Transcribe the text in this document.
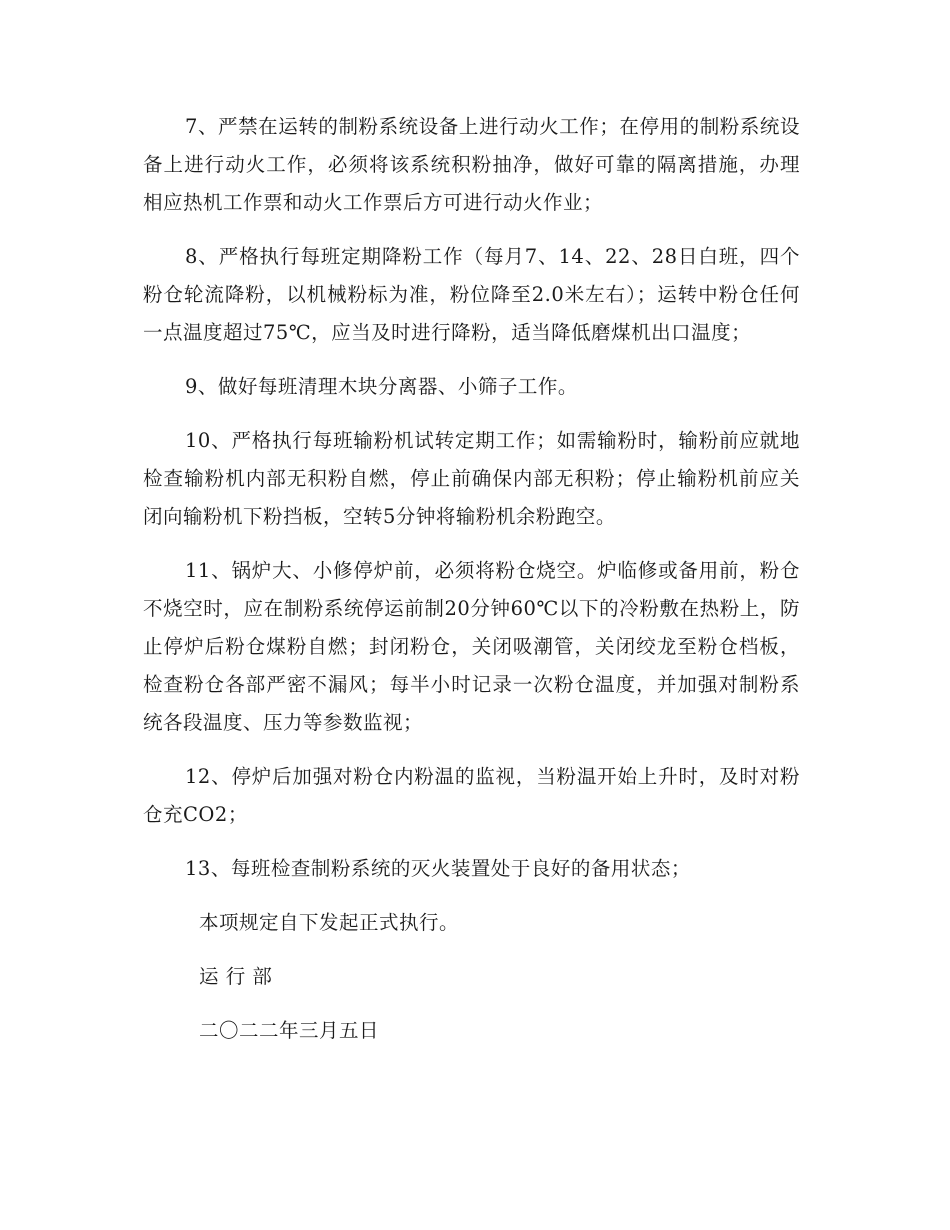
7、严禁在运转的制粉系统设备上进行动火工作；在停用的制粉系统设备上进行动火工作，必须将该系统积粉抽净，做好可靠的隔离措施，办理相应热机工作票和动火工作票后方可进行动火作业；

8、严格执行每班定期降粉工作（每月7、14、22、28日白班，四个粉仓轮流降粉，以机械粉标为准，粉位降至2.0米左右）；运转中粉仓任何一点温度超过75℃，应当及时进行降粉，适当降低磨煤机出口温度；

9、做好每班清理木块分离器、小筛子工作。

10、严格执行每班输粉机试转定期工作；如需输粉时，输粉前应就地检查输粉机内部无积粉自燃，停止前确保内部无积粉；停止输粉机前应关闭向输粉机下粉挡板，空转5分钟将输粉机余粉跑空。

11、锅炉大、小修停炉前，必须将粉仓烧空。炉临修或备用前，粉仓不烧空时，应在制粉系统停运前制20分钟60℃以下的冷粉敷在热粉上，防止停炉后粉仓煤粉自燃；封闭粉仓，关闭吸潮管，关闭绞龙至粉仓档板，检查粉仓各部严密不漏风；每半小时记录一次粉仓温度，并加强对制粉系统各段温度、压力等参数监视；

12、停炉后加强对粉仓内粉温的监视，当粉温开始上升时，及时对粉仓充CO2；

13、每班检查制粉系统的灭火装置处于良好的备用状态；

本项规定自下发起正式执行。

运 行 部

二〇二二年三月五日
